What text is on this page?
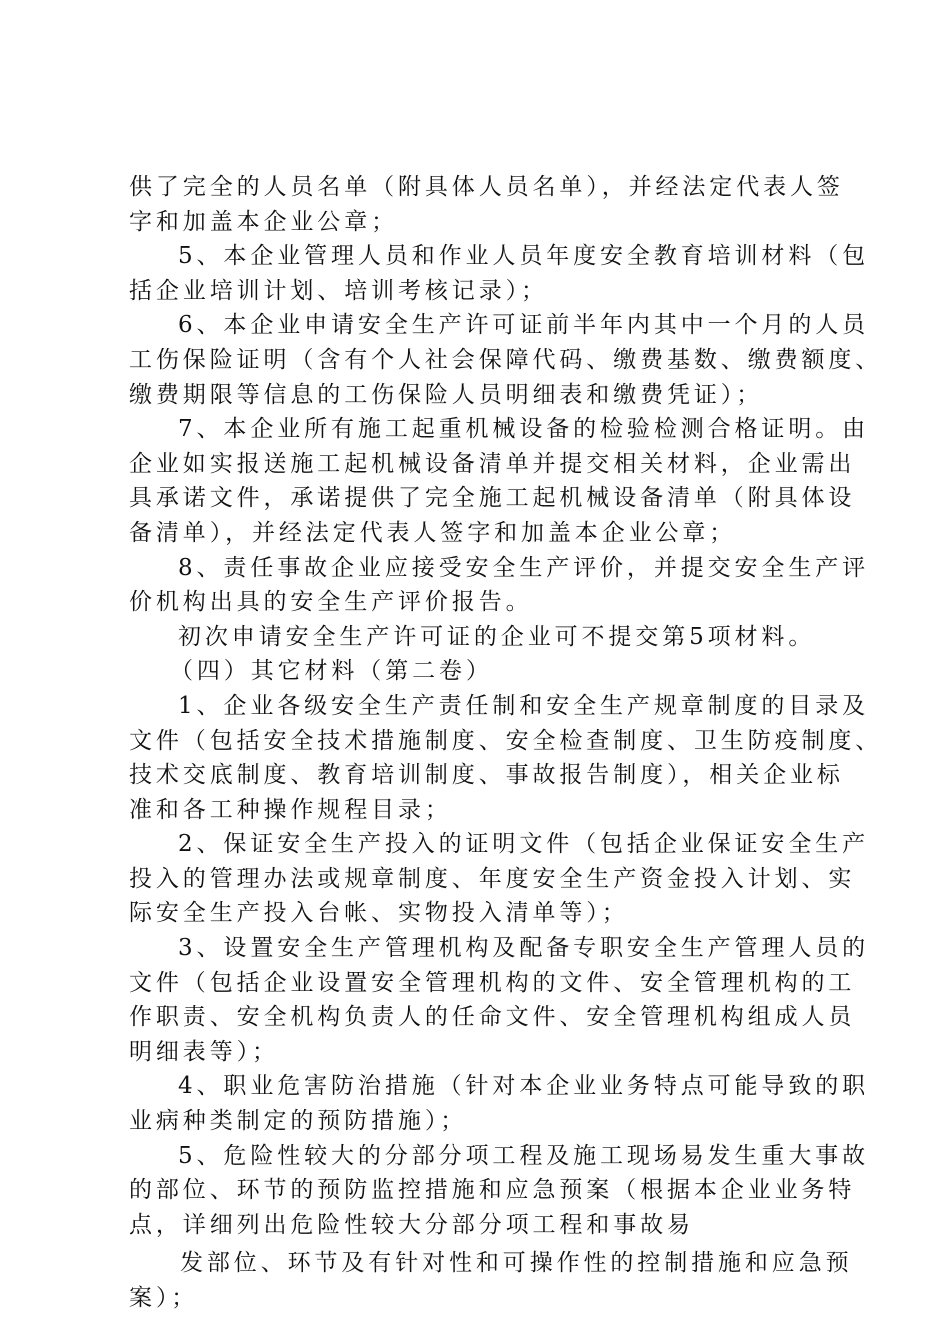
供了完全的人员名单（附具体人员名单），并经法定代表人签
字和加盖本企业公章；
5、本企业管理人员和作业人员年度安全教育培训材料（包
括企业培训计划、培训考核记录）；
6、本企业申请安全生产许可证前半年内其中一个月的人员
工伤保险证明（含有个人社会保障代码、缴费基数、缴费额度、
缴费期限等信息的工伤保险人员明细表和缴费凭证）；
7、本企业所有施工起重机械设备的检验检测合格证明。由
企业如实报送施工起机械设备清单并提交相关材料，企业需出
具承诺文件，承诺提供了完全施工起机械设备清单（附具体设
备清单），并经法定代表人签字和加盖本企业公章；
8、责任事故企业应接受安全生产评价，并提交安全生产评
价机构出具的安全生产评价报告。
初次申请安全生产许可证的企业可不提交第5项材料。
（四）其它材料（第二卷）
1、企业各级安全生产责任制和安全生产规章制度的目录及
文件（包括安全技术措施制度、安全检查制度、卫生防疫制度、
技术交底制度、教育培训制度、事故报告制度），相关企业标
准和各工种操作规程目录；
2、保证安全生产投入的证明文件（包括企业保证安全生产
投入的管理办法或规章制度、年度安全生产资金投入计划、实
际安全生产投入台帐、实物投入清单等）；
3、设置安全生产管理机构及配备专职安全生产管理人员的
文件（包括企业设置安全管理机构的文件、安全管理机构的工
作职责、安全机构负责人的任命文件、安全管理机构组成人员
明细表等）；
4、职业危害防治措施（针对本企业业务特点可能导致的职
业病种类制定的预防措施）；
5、危险性较大的分部分项工程及施工现场易发生重大事故
的部位、环节的预防监控措施和应急预案（根据本企业业务特
点，详细列出危险性较大分部分项工程和事故易
发部位、环节及有针对性和可操作性的控制措施和应急预
案）；
